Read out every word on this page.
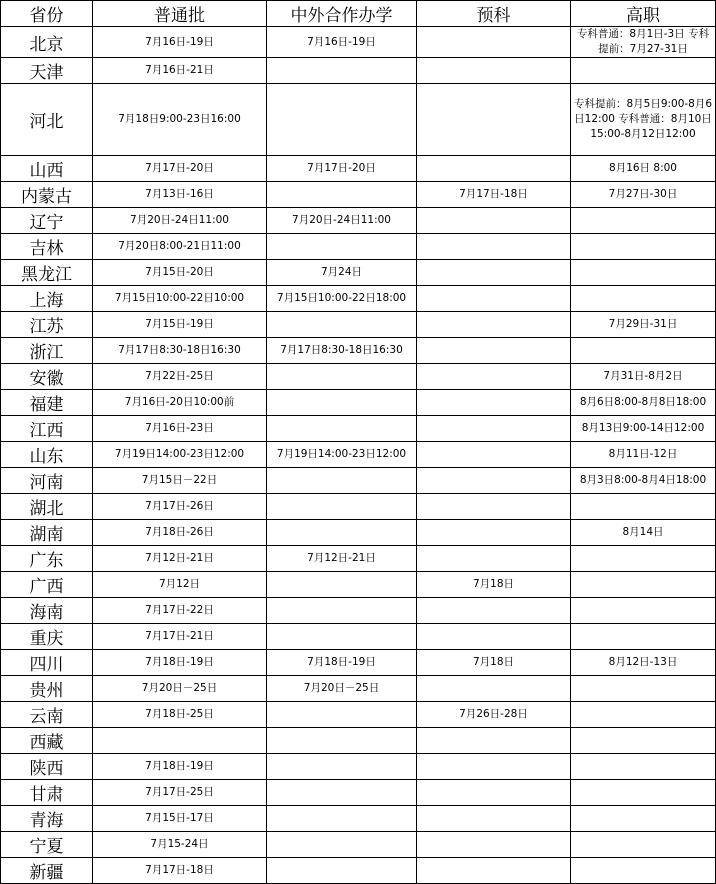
省份	普通批	中外合作办学	预科	高职
北京	7月16日-19日	7月16日-19日		专科普通：8月1日-3日 专科提前：7月27-31日
天津	7月16日-21日			
河北	7月18日9:00-23日16:00			专科提前：8月5日9:00-8月6日12:00 专科普通：8月10日15:00-8月12日12:00
山西	7月17日-20日	7月17日-20日		8月16日 8:00
内蒙古	7月13日-16日		7月17日-18日	7月27日-30日
辽宁	7月20日-24日11:00	7月20日-24日11:00		
吉林	7月20日8:00-21日11:00			
黑龙江	7月15日-20日	7月24日		
上海	7月15日10:00-22日10:00	7月15日10:00-22日18:00		
江苏	7月15日-19日			7月29日-31日
浙江	7月17日8:30-18日16:30	7月17日8:30-18日16:30		
安徽	7月22日-25日			7月31日-8月2日
福建	7月16日-20日10:00前			8月6日8:00-8月8日18:00
江西	7月16日-23日			8月13日9:00-14日12:00
山东	7月19日14:00-23日12:00	7月19日14:00-23日12:00		8月11日-12日
河南	7月15日－22日			8月3日8:00-8月4日18:00
湖北	7月17日-26日			
湖南	7月18日-26日			8月14日
广东	7月12日-21日	7月12日-21日		
广西	7月12日		7月18日	
海南	7月17日-22日			
重庆	7月17日-21日			
四川	7月18日-19日	7月18日-19日	7月18日	8月12日-13日
贵州	7月20日－25日	7月20日－25日		
云南	7月18日-25日		7月26日-28日	
西藏				
陕西	7月18日-19日			
甘肃	7月17日-25日			
青海	7月15日-17日			
宁夏	7月15-24日			
新疆	7月17日-18日			
